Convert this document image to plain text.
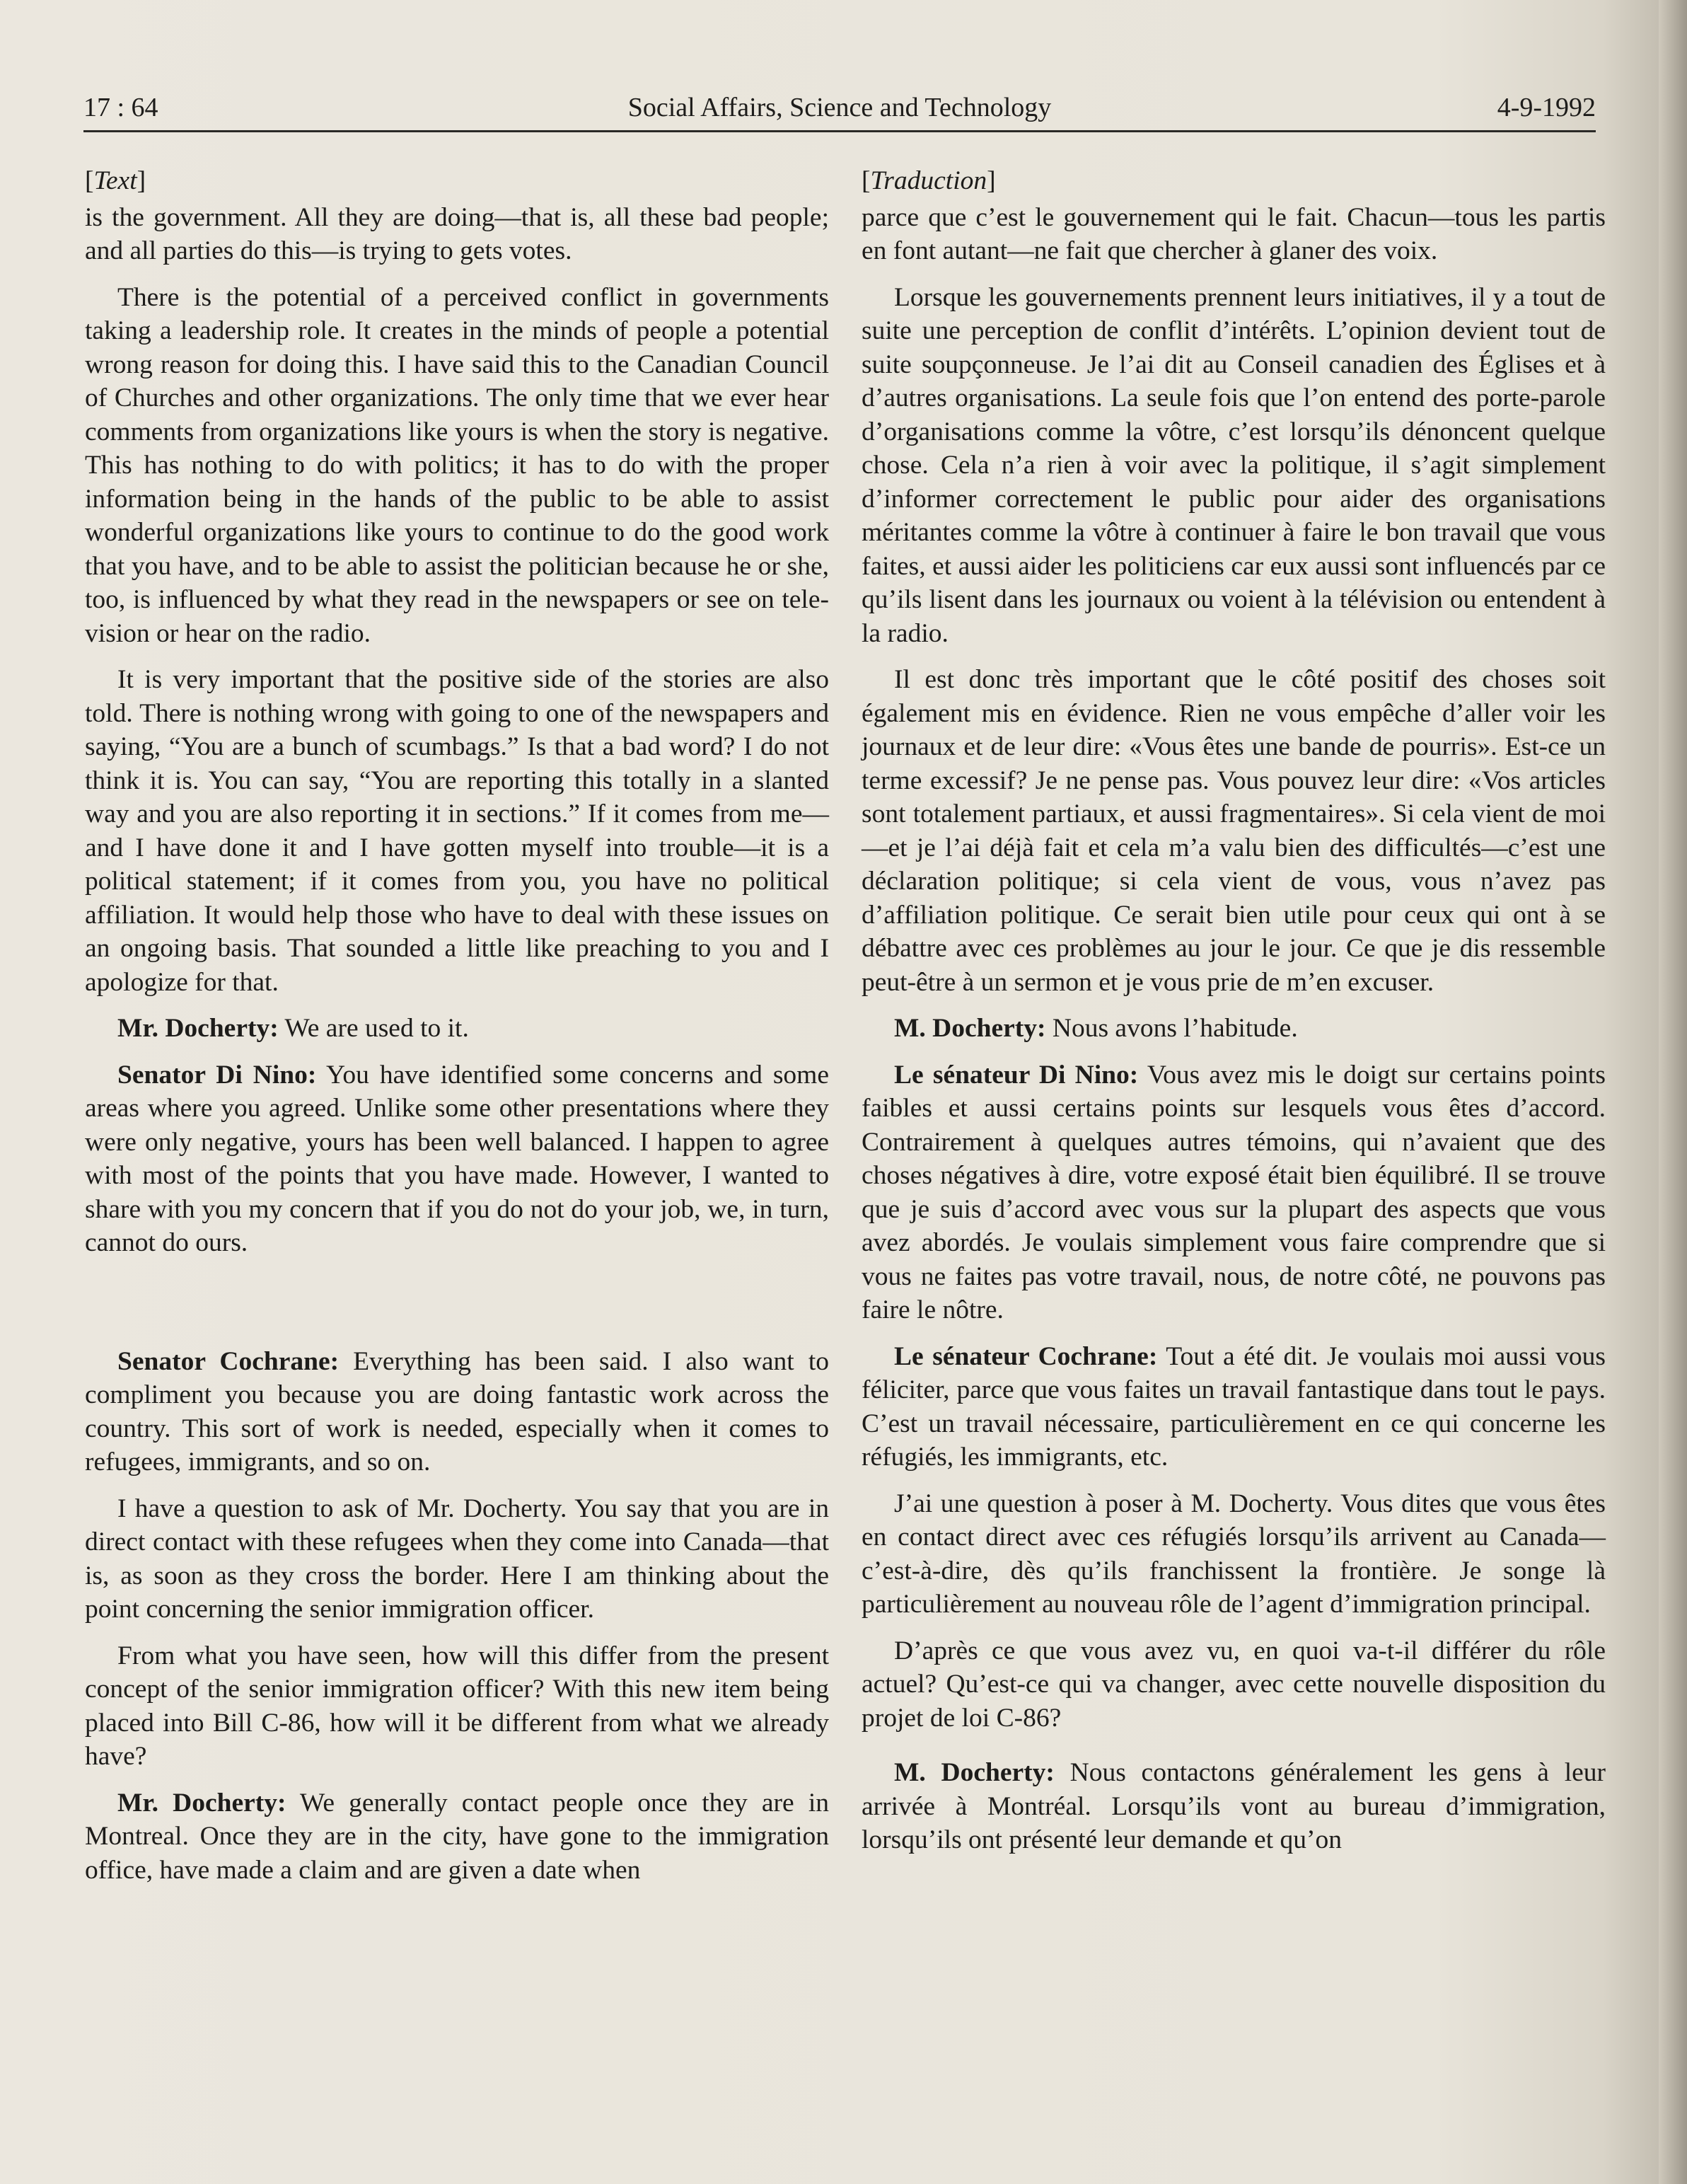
17 : 64	Social Affairs, Science and Technology	4-9-1992
[Text]

is the government. All they are doing—that is, all these bad people; and all parties do this—is trying to gets votes.

There is the potential of a perceived conflict in governments taking a leadership role. It creates in the minds of people a potential wrong reason for doing this. I have said this to the Canadian Council of Churches and other organizations. The only time that we ever hear comments from organizations like yours is when the story is negative. This has nothing to do with politics; it has to do with the proper information being in the hands of the public to be able to assist wonderful organizations like yours to continue to do the good work that you have, and to be able to assist the politician because he or she, too, is influenced by what they read in the newspapers or see on television or hear on the radio.

It is very important that the positive side of the stories are also told. There is nothing wrong with going to one of the newspapers and saying, “You are a bunch of scumbags.” Is that a bad word? I do not think it is. You can say, “You are reporting this totally in a slanted way and you are also reporting it in sections.” If it comes from me—and I have done it and I have gotten myself into trouble—it is a political statement; if it comes from you, you have no political affiliation. It would help those who have to deal with these issues on an ongoing basis. That sounded a little like preaching to you and I apologize for that.

Mr. Docherty: We are used to it.

Senator Di Nino: You have identified some concerns and some areas where you agreed. Unlike some other presentations where they were only negative, yours has been well balanced. I happen to agree with most of the points that you have made. However, I wanted to share with you my concern that if you do not do your job, we, in turn, cannot do ours.

Senator Cochrane: Everything has been said. I also want to compliment you because you are doing fantastic work across the country. This sort of work is needed, especially when it comes to refugees, immigrants, and so on.

I have a question to ask of Mr. Docherty. You say that you are in direct contact with these refugees when they come into Canada—that is, as soon as they cross the border. Here I am thinking about the point concerning the senior immigration officer.

From what you have seen, how will this differ from the present concept of the senior immigration officer? With this new item being placed into Bill C-86, how will it be different from what we already have?

Mr. Docherty: We generally contact people once they are in Montreal. Once they are in the city, have gone to the immigration office, have made a claim and are given a date when

[Traduction]

parce que c’est le gouvernement qui le fait. Chacun—tous les partis en font autant—ne fait que chercher à glaner des voix.

Lorsque les gouvernements prennent leurs initiatives, il y a tout de suite une perception de conflit d’intérêts. L’opinion devient tout de suite soupçonneuse. Je l’ai dit au Conseil canadien des Églises et à d’autres organisations. La seule fois que l’on entend des porte-parole d’organisations comme la vôtre, c’est lorsqu’ils dénoncent quelque chose. Cela n’a rien à voir avec la politique, il s’agit simplement d’informer correctement le public pour aider des organisations méritantes comme la vôtre à continuer à faire le bon travail que vous faites, et aussi aider les politiciens car eux aussi sont influencés par ce qu’ils lisent dans les journaux ou voient à la télévision ou entendent à la radio.

Il est donc très important que le côté positif des choses soit également mis en évidence. Rien ne vous empêche d’aller voir les journaux et de leur dire: «Vous êtes une bande de pourris». Est-ce un terme excessif? Je ne pense pas. Vous pouvez leur dire: «Vos articles sont totalement partiaux, et aussi fragmentaires». Si cela vient de moi—et je l’ai déjà fait et cela m’a valu bien des difficultés—c’est une déclaration politique; si cela vient de vous, vous n’avez pas d’affiliation politique. Ce serait bien utile pour ceux qui ont à se débattre avec ces problèmes au jour le jour. Ce que je dis ressemble peut-être à un sermon et je vous prie de m’en excuser.

M. Docherty: Nous avons l’habitude.

Le sénateur Di Nino: Vous avez mis le doigt sur certains points faibles et aussi certains points sur lesquels vous êtes d’accord. Contrairement à quelques autres témoins, qui n’avaient que des choses négatives à dire, votre exposé était bien équilibré. Il se trouve que je suis d’accord avec vous sur la plupart des aspects que vous avez abordés. Je voulais simplement vous faire comprendre que si vous ne faites pas votre travail, nous, de notre côté, ne pouvons pas faire le nôtre.

Le sénateur Cochrane: Tout a été dit. Je voulais moi aussi vous féliciter, parce que vous faites un travail fantastique dans tout le pays. C’est un travail nécessaire, particulièrement en ce qui concerne les réfugiés, les immigrants, etc.

J’ai une question à poser à M. Docherty. Vous dites que vous êtes en contact direct avec ces réfugiés lorsqu’ils arrivent au Canada—c’est-à-dire, dès qu’ils franchissent la frontière. Je songe là particulièrement au nouveau rôle de l’agent d’immigration principal.

D’après ce que vous avez vu, en quoi va-t-il différer du rôle actuel? Qu’est-ce qui va changer, avec cette nouvelle disposition du projet de loi C-86?

M. Docherty: Nous contactons généralement les gens à leur arrivée à Montréal. Lorsqu’ils vont au bureau d’immigration, lorsqu’ils ont présenté leur demande et qu’on
